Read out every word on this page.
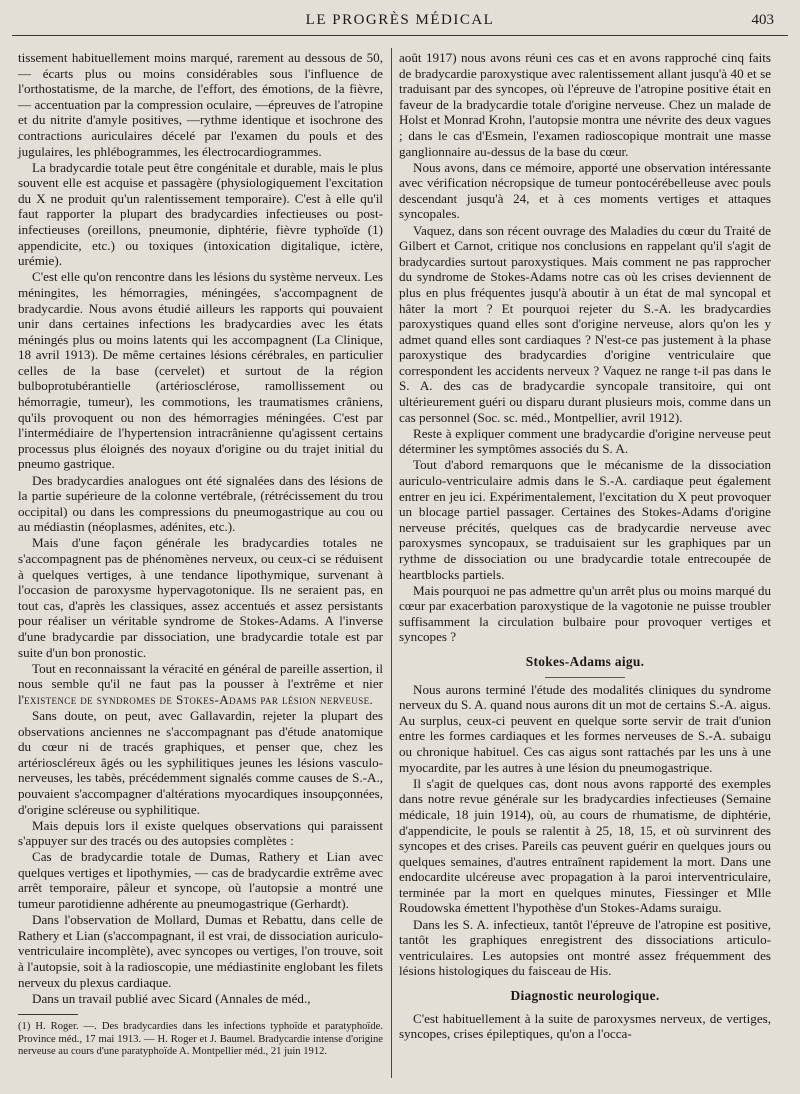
LE PROGRÈS MÉDICAL	403

tissement habituellement moins marqué, rarement au dessous de 50, — écarts plus ou moins considérables sous l'influence de l'orthostatisme, de la marche, de l'effort, des émotions, de la fièvre, — accentuation par la compression oculaire, —épreuves de l'atropine et du nitrite d'amyle positives, —rythme identique et isochrone des contractions auriculaires décelé par l'examen du pouls et des jugulaires, les phlébogrammes, les électrocardiogrammes.

La bradycardie totale peut être congénitale et durable, mais le plus souvent elle est acquise et passagère (physiologiquement l'excitation du X ne produit qu'un ralentissement temporaire). C'est à elle qu'il faut rapporter la plupart des bradycardies infectieuses ou post-infectieuses (oreillons, pneumonie, diphtérie, fièvre typhoïde (1) appendicite, etc.) ou toxiques (intoxication digitalique, ictère, urémie).

C'est elle qu'on rencontre dans les lésions du système nerveux. Les méningites, les hémorragies, méningées, s'accompagnent de bradycardie. Nous avons étudié ailleurs les rapports qui pouvaient unir dans certaines infections les bradycardies avec les états méningés plus ou moins latents qui les accompagnent (La Clinique, 18 avril 1913). De même certaines lésions cérébrales, en particulier celles de la base (cervelet) et surtout de la région bulboprotubérantielle (artériosclérose, ramollissement ou hémorragie, tumeur), les commotions, les traumatismes crâniens, qu'ils provoquent ou non des hémorragies méningées. C'est par l'intermédiaire de l'hypertension intracrânienne qu'agissent certains processus plus éloignés des noyaux d'origine ou du trajet initial du pneumo gastrique.

Des bradycardies analogues ont été signalées dans des lésions de la partie supérieure de la colonne vertébrale, (rétrécissement du trou occipital) ou dans les compressions du pneumogastrique au cou ou au médiastin (néoplasmes, adénites, etc.).

Mais d'une façon générale les bradycardies totales ne s'accompagnent pas de phénomènes nerveux, ou ceux-ci se réduisent à quelques vertiges, à une tendance lipothymique, survenant à l'occasion de paroxysme hypervagotonique. Ils ne seraient pas, en tout cas, d'après les classiques, assez accentués et assez persistants pour réaliser un véritable syndrome de Stokes-Adams. A l'inverse d'une bradycardie par dissociation, une bradycardie totale est par suite d'un bon pronostic.

Tout en reconnaissant la véracité en général de pareille assertion, il nous semble qu'il ne faut pas la pousser à l'extrême et nier l'existence de syndromes de Stokes-Adams par lésion nerveuse.

Sans doute, on peut, avec Gallavardin, rejeter la plupart des observations anciennes ne s'accompagnant pas d'étude anatomique du cœur ni de tracés graphiques, et penser que, chez les artérioscléreux âgés ou les syphilitiques jeunes les lésions vasculo-nerveuses, les tabès, précédemment signalés comme causes de S.-A., pouvaient s'accompagner d'altérations myocardiques insoupçonnées, d'origine scléreuse ou syphilitique.

Mais depuis lors il existe quelques observations qui paraissent s'appuyer sur des tracés ou des autopsies complètes :

Cas de bradycardie totale de Dumas, Rathery et Lian avec quelques vertiges et lipothymies, — cas de bradycardie extrême avec arrêt temporaire, pâleur et syncope, où l'autopsie a montré une tumeur parotidienne adhérente au pneumogastrique (Gerhardt).

Dans l'observation de Mollard, Dumas et Rebattu, dans celle de Rathery et Lian (s'accompagnant, il est vrai, de dissociation auriculo-ventriculaire incomplète), avec syncopes ou vertiges, l'on trouve, soit à l'autopsie, soit à la radioscopie, une médiastinite englobant les filets nerveux du plexus cardiaque.

Dans un travail publié avec Sicard (Annales de méd.,

(1) H. Roger. —. Des bradycardies dans les infections typhoïde et paratyphoïde. Province méd., 17 mai 1913. — H. Roger et J. Baumel. Bradycardie intense d'origine nerveuse au cours d'une paratyphoïde A. Montpellier méd., 21 juin 1912.

août 1917) nous avons réuni ces cas et en avons rapproché cinq faits de bradycardie paroxystique avec ralentissement allant jusqu'à 40 et se traduisant par des syncopes, où l'épreuve de l'atropine positive était en faveur de la bradycardie totale d'origine nerveuse. Chez un malade de Holst et Monrad Krohn, l'autopsie montra une névrite des deux vagues ; dans le cas d'Esmein, l'examen radioscopique montrait une masse ganglionnaire au-dessus de la base du cœur.

Nous avons, dans ce mémoire, apporté une observation intéressante avec vérification nécropsique de tumeur pontocérébelleuse avec pouls descendant jusqu'à 24, et à ces moments vertiges et attaques syncopales.

Vaquez, dans son récent ouvrage des Maladies du cœur du Traité de Gilbert et Carnot, critique nos conclusions en rappelant qu'il s'agit de bradycardies surtout paroxystiques. Mais comment ne pas rapprocher du syndrome de Stokes-Adams notre cas où les crises deviennent de plus en plus fréquentes jusqu'à aboutir à un état de mal syncopal et hâter la mort ? Et pourquoi rejeter du S.-A. les bradycardies paroxystiques quand elles sont d'origine nerveuse, alors qu'on les y admet quand elles sont cardiaques ? N'est-ce pas justement à la phase paroxystique des bradycardies d'origine ventriculaire que correspondent les accidents nerveux ? Vaquez ne range t-il pas dans le S. A. des cas de bradycardie syncopale transitoire, qui ont ultérieurement guéri ou disparu durant plusieurs mois, comme dans un cas personnel (Soc. sc. méd., Montpellier, avril 1912).

Reste à expliquer comment une bradycardie d'origine nerveuse peut déterminer les symptômes associés du S. A.

Tout d'abord remarquons que le mécanisme de la dissociation auriculo-ventriculaire admis dans le S.-A. cardiaque peut également entrer en jeu ici. Expérimentalement, l'excitation du X peut provoquer un blocage partiel passager. Certaines des Stokes-Adams d'origine nerveuse précités, quelques cas de bradycardie nerveuse avec paroxysmes syncopaux, se traduisaient sur les graphiques par un rythme de dissociation ou une bradycardie totale entrecoupée de heartblocks partiels.

Mais pourquoi ne pas admettre qu'un arrêt plus ou moins marqué du cœur par exacerbation paroxystique de la vagotonie ne puisse troubler suffisamment la circulation bulbaire pour provoquer vertiges et syncopes ?

Stokes-Adams aigu.

Nous aurons terminé l'étude des modalités cliniques du syndrome nerveux du S. A. quand nous aurons dit un mot de certains S.-A. aigus. Au surplus, ceux-ci peuvent en quelque sorte servir de trait d'union entre les formes cardiaques et les formes nerveuses de S.-A. subaigu ou chronique habituel. Ces cas aigus sont rattachés par les uns à une myocardite, par les autres à une lésion du pneumogastrique.

Il s'agit de quelques cas, dont nous avons rapporté des exemples dans notre revue générale sur les bradycardies infectieuses (Semaine médicale, 18 juin 1914), où, au cours de rhumatisme, de diphtérie, d'appendicite, le pouls se ralentit à 25, 18, 15, et où survinrent des syncopes et des crises. Pareils cas peuvent guérir en quelques jours ou quelques semaines, d'autres entraînent rapidement la mort. Dans une endocardite ulcéreuse avec propagation à la paroi interventriculaire, terminée par la mort en quelques minutes, Fiessinger et Mlle Roudowska émettent l'hypothèse d'un Stokes-Adams suraigu.

Dans les S. A. infectieux, tantôt l'épreuve de l'atropine est positive, tantôt les graphiques enregistrent des dissociations articulo-ventriculaires. Les autopsies ont montré assez fréquemment des lésions histologiques du faisceau de His.

Diagnostic neurologique.

C'est habituellement à la suite de paroxysmes nerveux, de vertiges, syncopes, crises épileptiques, qu'on a l'occa-
